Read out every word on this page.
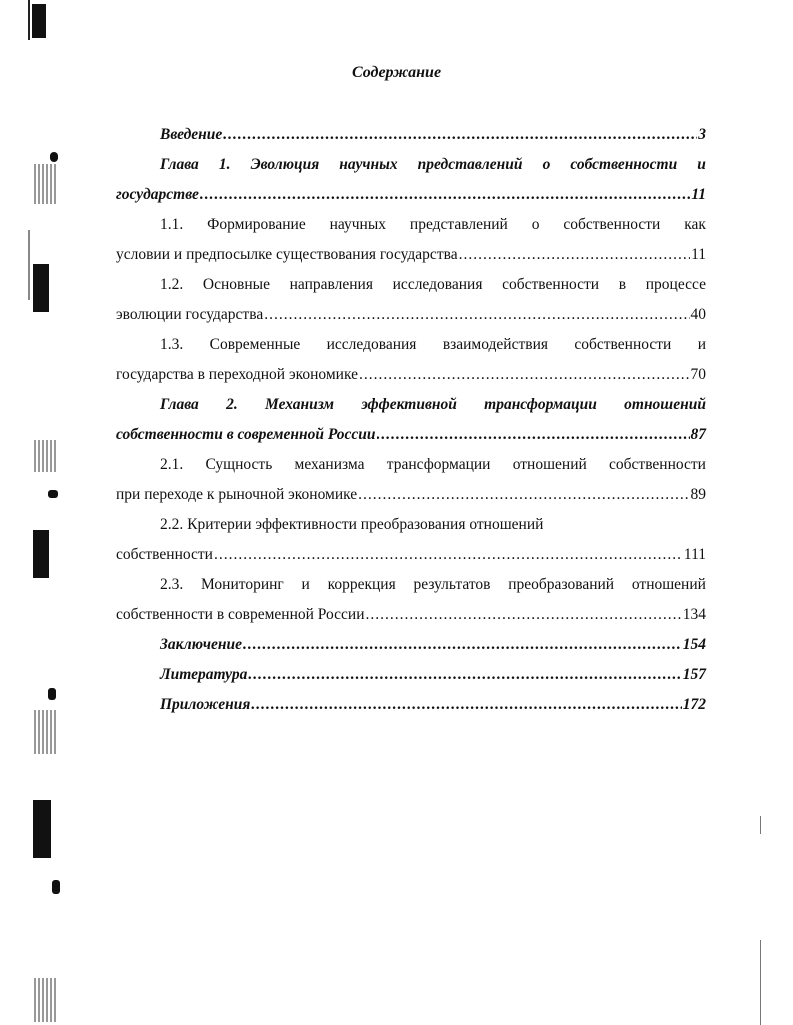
Содержание
Введение .....	3
Глава 1. Эволюция научных представлений о собственности и
государстве .....	11
1.1. Формирование научных представлений о собственности как
условии и предпосылке существования государства .....	11
1.2. Основные направления исследования собственности в процессе
эволюции государства .....	40
1.3. Современные исследования взаимодействия собственности и
государства в переходной экономике .....	70
Глава 2. Механизм эффективной трансформации отношений
собственности в современной России .....	87
2.1. Сущность механизма трансформации отношений собственности
при переходе к рыночной экономике .....	89
2.2. Критерии эффективности преобразования отношений
собственности .....	111
2.3. Мониторинг и коррекция результатов преобразований отношений
собственности в современной России .....	134
Заключение .....	154
Литература .....	157
Приложения .....	172
